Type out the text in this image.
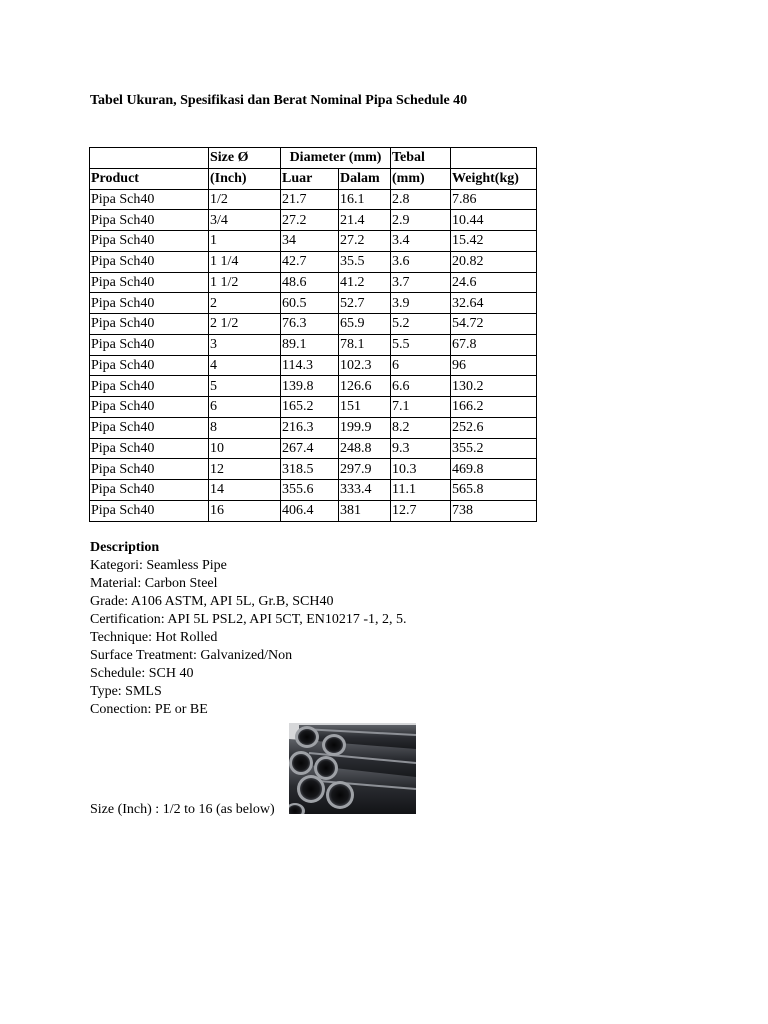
Tabel Ukuran, Spesifikasi dan Berat Nominal Pipa Schedule 40
	Size Ø	Diameter (mm)		Tebal	
Product	(Inch)	Luar	Dalam	(mm)	Weight(kg)
Pipa Sch40	1/2	21.7	16.1	2.8	7.86
Pipa Sch40	3/4	27.2	21.4	2.9	10.44
Pipa Sch40	1	34	27.2	3.4	15.42
Pipa Sch40	1 1/4	42.7	35.5	3.6	20.82
Pipa Sch40	1 1/2	48.6	41.2	3.7	24.6
Pipa Sch40	2	60.5	52.7	3.9	32.64
Pipa Sch40	2 1/2	76.3	65.9	5.2	54.72
Pipa Sch40	3	89.1	78.1	5.5	67.8
Pipa Sch40	4	114.3	102.3	6	96
Pipa Sch40	5	139.8	126.6	6.6	130.2
Pipa Sch40	6	165.2	151	7.1	166.2
Pipa Sch40	8	216.3	199.9	8.2	252.6
Pipa Sch40	10	267.4	248.8	9.3	355.2
Pipa Sch40	12	318.5	297.9	10.3	469.8
Pipa Sch40	14	355.6	333.4	11.1	565.8
Pipa Sch40	16	406.4	381	12.7	738
Description
Kategori: Seamless Pipe
Material: Carbon Steel
Grade: A106 ASTM, API 5L, Gr.B, SCH40
Certification: API 5L PSL2, API 5CT, EN10217 -1, 2, 5.
Technique: Hot Rolled
Surface Treatment: Galvanized/Non
Schedule: SCH 40
Type: SMLS
Conection: PE or BE
Size (Inch) : 1/2 to 16 (as below)
